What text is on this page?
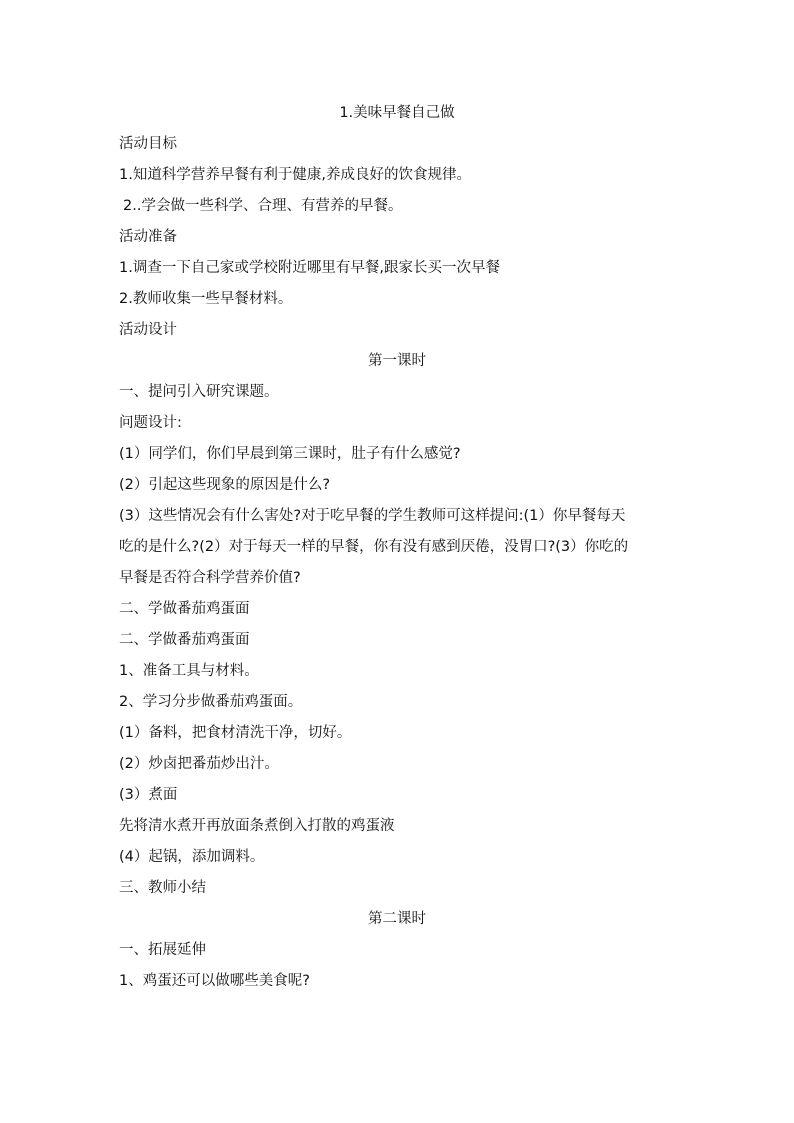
1.美味早餐自己做
活动目标
1.知道科学营养早餐有利于健康,养成良好的饮食规律。
2..学会做一些科学、合理、有营养的早餐。
活动准备
1.调查一下自己家或学校附近哪里有早餐,跟家长买一次早餐
2.教师收集一些早餐材料。
活动设计
第一课时
一、提问引入研究课题。
问题设计:
(1）同学们，你们早晨到第三课时，肚子有什么感觉?
(2）引起这些现象的原因是什么?
(3）这些情况会有什么害处?对于吃早餐的学生教师可这样提问:(1）你早餐每天
吃的是什么?(2）对于每天一样的早餐，你有没有感到厌倦，没胃口?(3）你吃的
早餐是否符合科学营养价值?
二、学做番茄鸡蛋面
二、学做番茄鸡蛋面
1、准备工具与材料。
2、学习分步做番茄鸡蛋面。
(1）备料，把食材清洗干净，切好。
(2）炒卤把番茄炒出汁。
(3）煮面
先将清水煮开再放面条煮倒入打散的鸡蛋液
(4）起锅，添加调料。
三、教师小结
第二课时
一、拓展延伸
1、鸡蛋还可以做哪些美食呢?
